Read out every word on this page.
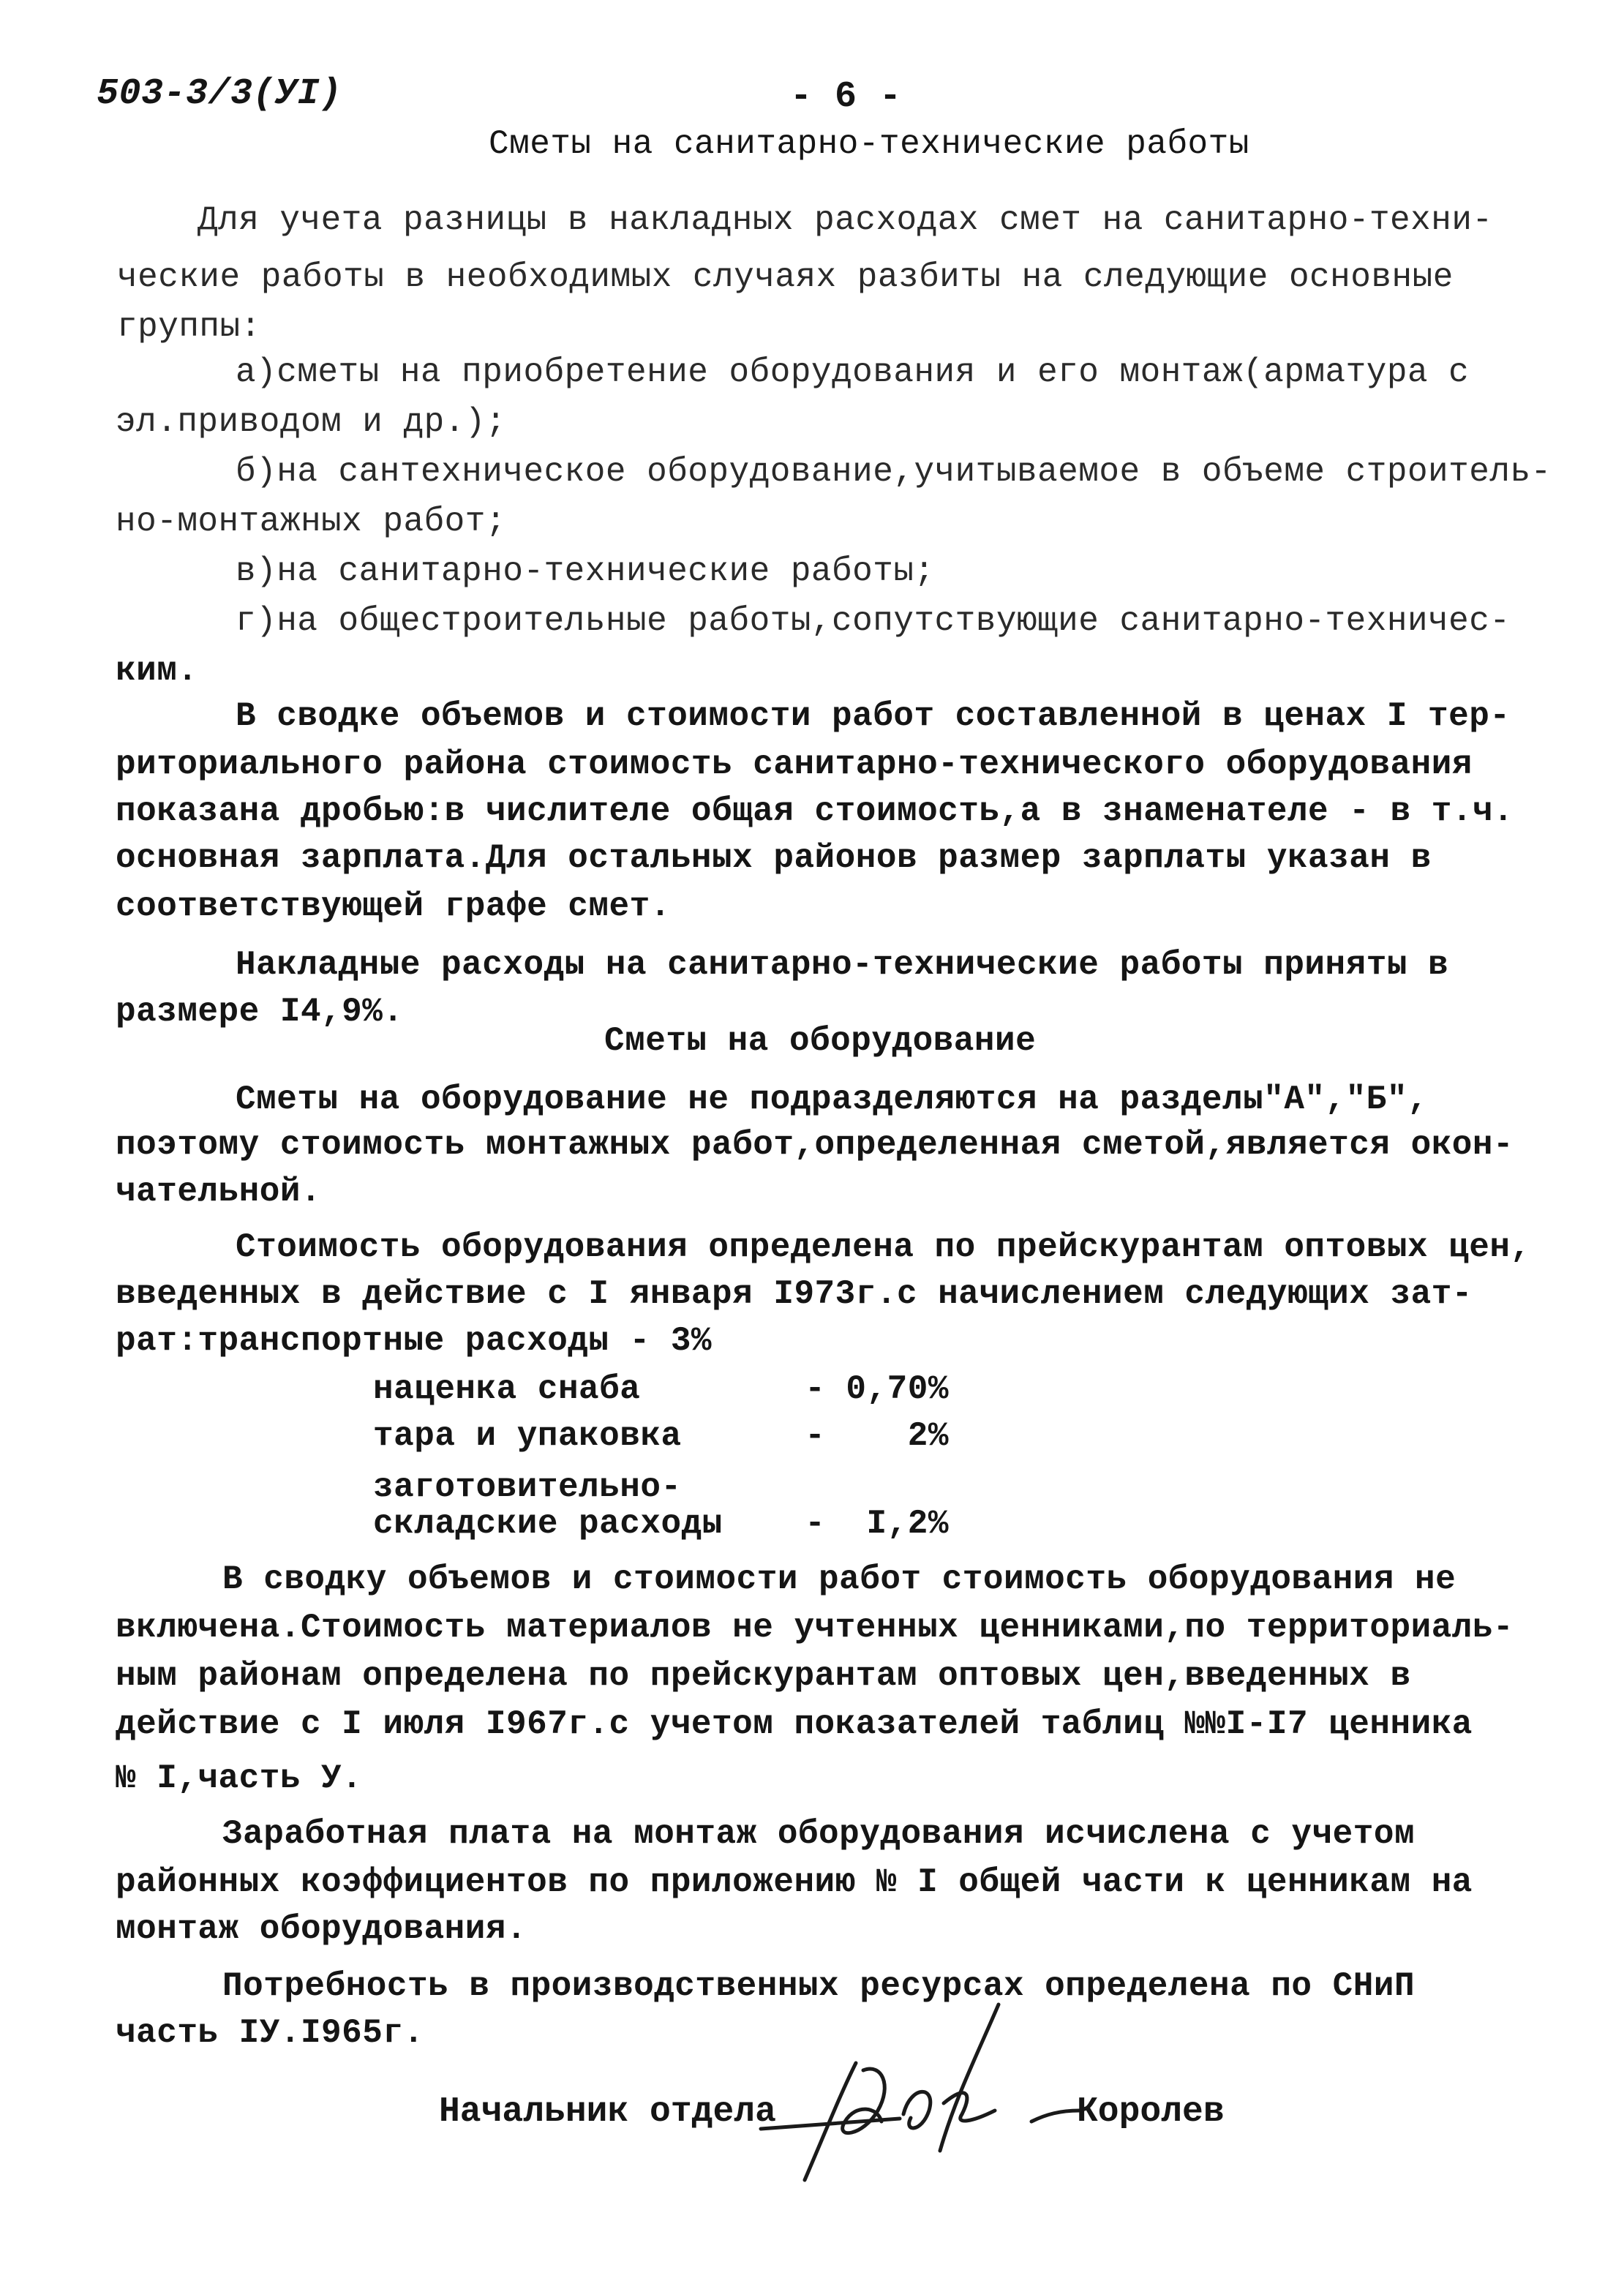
503-3/3(УI)	- 6 -
Сметы на санитарно-технические работы
Для учета разницы в накладных расходах смет на санитарно-техни-
ческие работы в необходимых случаях разбиты на следующие основные
группы:
а)сметы на приобретение оборудования и его монтаж(арматура с
эл.приводом и др.);
б)на сантехническое оборудование,учитываемое в объеме строитель-
но-монтажных работ;
в)на санитарно-технические работы;
г)на общестроительные работы,сопутствующие санитарно-техничес-
ким.
В сводке объемов и стоимости работ составленной в ценах I тер-
риториального района стоимость санитарно-технического оборудования
показана дробью:в числителе общая стоимость,а в знаменателе - в т.ч.
основная зарплата.Для остальных районов размер зарплаты указан в
соответствующей графе смет.
Накладные расходы на санитарно-технические работы приняты в
размере I4,9%.
Сметы на оборудование
Сметы на оборудование не подразделяются на разделы"А","Б",
поэтому стоимость монтажных работ,определенная сметой,является окон-
чательной.
Стоимость оборудования определена по прейскурантам оптовых цен,
введенных в действие с I января I973г.с начислением следующих зат-
рат:транспортные расходы - 3%
наценка снаба        - 0,70%
тара и упаковка      -    2%
заготовительно-
складские расходы    -  I,2%
В сводку объемов и стоимости работ стоимость оборудования не
включена.Стоимость материалов не учтенных ценниками,по территориаль-
ным районам определена по прейскурантам оптовых цен,введенных в
действие с I июля I967г.с учетом показателей таблиц №№I-I7 ценника
№ I,часть У.
Заработная плата на монтаж оборудования исчислена с учетом
районных коэффициентов по приложению № I общей части к ценникам на
монтаж оборудования.
Потребность в производственных ресурсах определена по СНиП
часть IУ.I965г.
Начальник отдела	Королев
